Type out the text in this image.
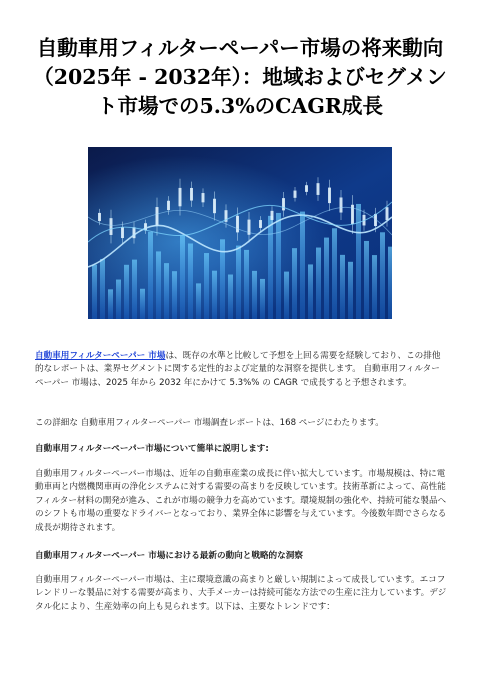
自動車用フィルターペーパー市場の将来動向（2025年 - 2032年）：地域およびセグメント市場での5.3%のCAGR成長

自動車用フィルターペーパー 市場は、既存の水準と比較して予想を上回る需要を経験しており、この排他的なレポートは、業界セグメントに関する定性的および定量的な洞察を提供します。 自動車用フィルターペーパー 市場は、2025 年から 2032 年にかけて 5.3%% の CAGR で成長すると予想されます。

この詳細な 自動車用フィルターペーパー 市場調査レポートは、168 ページにわたります。

自動車用フィルターペーパー市場について簡単に説明します:

自動車用フィルターペーパー市場は、近年の自動車産業の成長に伴い拡大しています。市場規模は、特に電動車両と内燃機関車両の浄化システムに対する需要の高まりを反映しています。技術革新によって、高性能フィルター材料の開発が進み、これが市場の競争力を高めています。環境規制の強化や、持続可能な製品へのシフトも市場の重要なドライバーとなっており、業界全体に影響を与えています。今後数年間でさらなる成長が期待されます。

自動車用フィルターペーパー 市場における最新の動向と戦略的な洞察

自動車用フィルターペーパー市場は、主に環境意識の高まりと厳しい規制によって成長しています。エコフレンドリーな製品に対する需要が高まり、大手メーカーは持続可能な方法での生産に注力しています。デジタル化により、生産効率の向上も見られます。以下は、主要なトレンドです：
